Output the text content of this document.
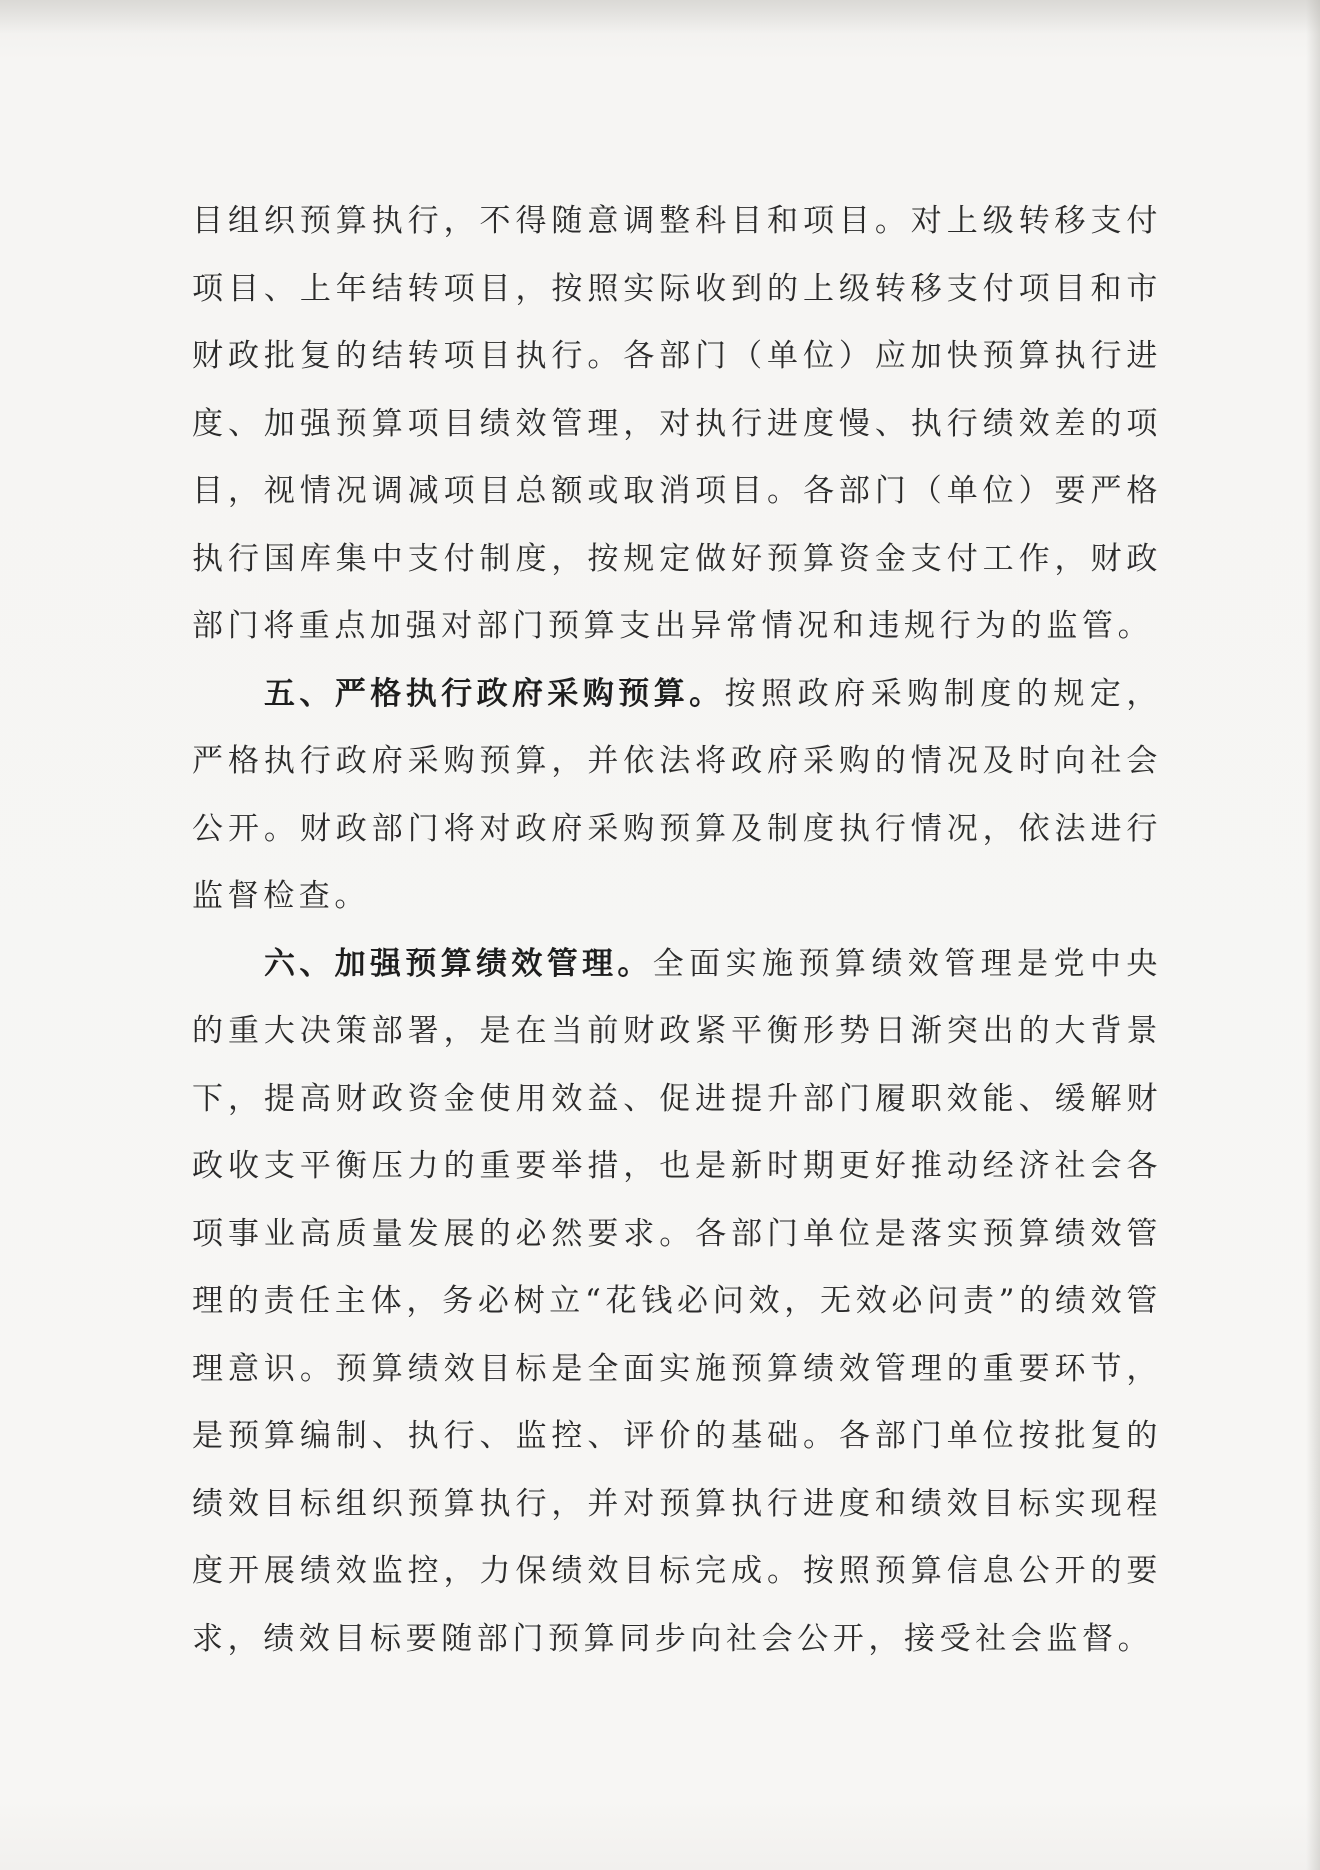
目组织预算执行，不得随意调整科目和项目。对上级转移支付项目、上年结转项目，按照实际收到的上级转移支付项目和市财政批复的结转项目执行。各部门（单位）应加快预算执行进度、加强预算项目绩效管理，对执行进度慢、执行绩效差的项目，视情况调减项目总额或取消项目。各部门（单位）要严格执行国库集中支付制度，按规定做好预算资金支付工作，财政部门将重点加强对部门预算支出异常情况和违规行为的监管。

五、严格执行政府采购预算。按照政府采购制度的规定，严格执行政府采购预算，并依法将政府采购的情况及时向社会公开。财政部门将对政府采购预算及制度执行情况，依法进行监督检查。

六、加强预算绩效管理。全面实施预算绩效管理是党中央的重大决策部署，是在当前财政紧平衡形势日渐突出的大背景下，提高财政资金使用效益、促进提升部门履职效能、缓解财政收支平衡压力的重要举措，也是新时期更好推动经济社会各项事业高质量发展的必然要求。各部门单位是落实预算绩效管理的责任主体，务必树立“花钱必问效，无效必问责”的绩效管理意识。预算绩效目标是全面实施预算绩效管理的重要环节，是预算编制、执行、监控、评价的基础。各部门单位按批复的绩效目标组织预算执行，并对预算执行进度和绩效目标实现程度开展绩效监控，力保绩效目标完成。按照预算信息公开的要求，绩效目标要随部门预算同步向社会公开，接受社会监督。
